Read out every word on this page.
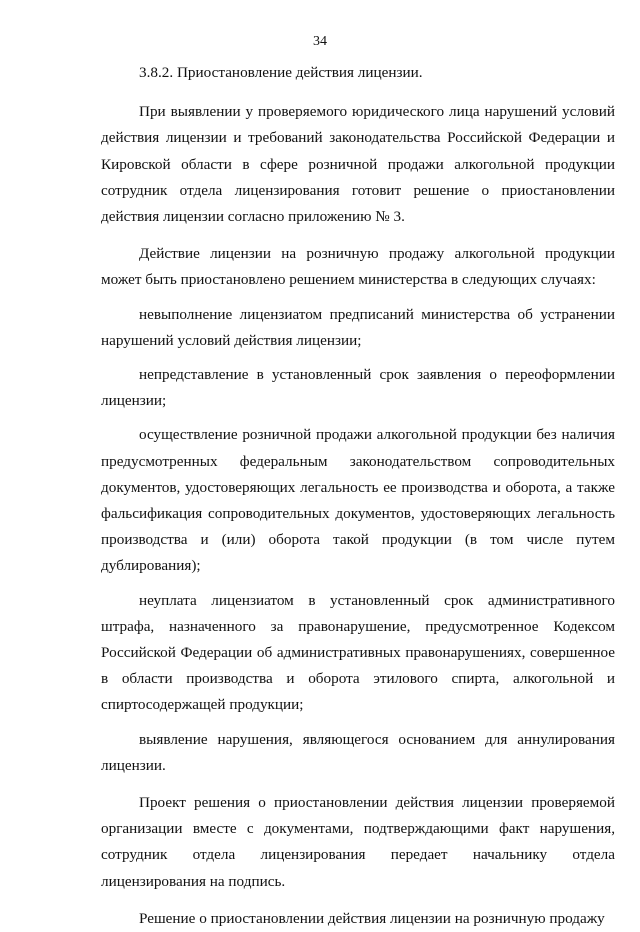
34

3.8.2. Приостановление действия лицензии.

При выявлении у проверяемого юридического лица нарушений условий действия лицензии и требований законодательства Российской Федерации и Кировской области в сфере розничной продажи алкогольной продукции сотрудник отдела лицензирования готовит решение о приостановлении действия лицензии согласно приложению № 3.

Действие лицензии на розничную продажу алкогольной продукции может быть приостановлено решением министерства в следующих случаях:

невыполнение лицензиатом предписаний министерства об устранении нарушений условий действия лицензии;

непредставление в установленный срок заявления о переоформлении лицензии;

осуществление розничной продажи алкогольной продукции без наличия предусмотренных федеральным законодательством сопроводительных документов, удостоверяющих легальность ее производства и оборота, а также фальсификация сопроводительных документов, удостоверяющих легальность производства и (или) оборота такой продукции (в том числе путем дублирования);

неуплата лицензиатом в установленный срок административного штрафа, назначенного за правонарушение, предусмотренное Кодексом Российской Федерации об административных правонарушениях, совершенное в области производства и оборота этилового спирта, алкогольной и спиртосодержащей продукции;

выявление нарушения, являющегося основанием для аннулирования лицензии.

Проект решения о приостановлении действия лицензии проверяемой организации вместе с документами, подтверждающими факт нарушения, сотрудник отдела лицензирования передает начальнику отдела лицензирования на подпись.

Решение о приостановлении действия лицензии на розничную продажу
